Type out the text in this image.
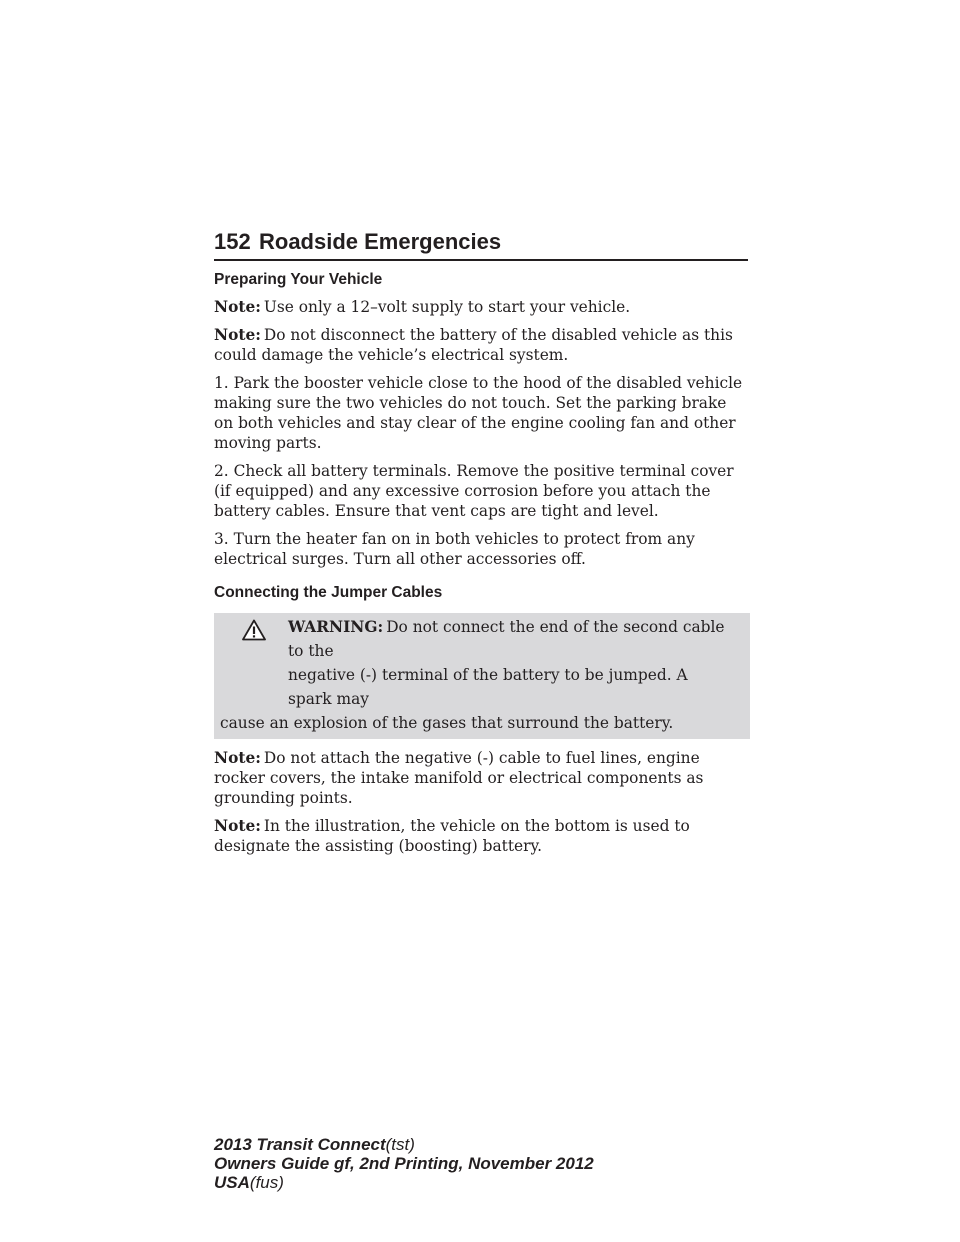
152 Roadside Emergencies
Preparing Your Vehicle

Note: Use only a 12–volt supply to start your vehicle.

Note: Do not disconnect the battery of the disabled vehicle as this could damage the vehicle’s electrical system.

1. Park the booster vehicle close to the hood of the disabled vehicle making sure the two vehicles do not touch. Set the parking brake on both vehicles and stay clear of the engine cooling fan and other moving parts.

2. Check all battery terminals. Remove the positive terminal cover (if equipped) and any excessive corrosion before you attach the battery cables. Ensure that vent caps are tight and level.

3. Turn the heater fan on in both vehicles to protect from any electrical surges. Turn all other accessories off.

Connecting the Jumper Cables
WARNING: Do not connect the end of the second cable to the
negative (-) terminal of the battery to be jumped. A spark may
cause an explosion of the gases that surround the battery.

Note: Do not attach the negative (-) cable to fuel lines, engine rocker covers, the intake manifold or electrical components as grounding points.

Note: In the illustration, the vehicle on the bottom is used to designate the assisting (boosting) battery.

2013 Transit Connect(tst)
Owners Guide gf, 2nd Printing, November 2012
USA(fus)
